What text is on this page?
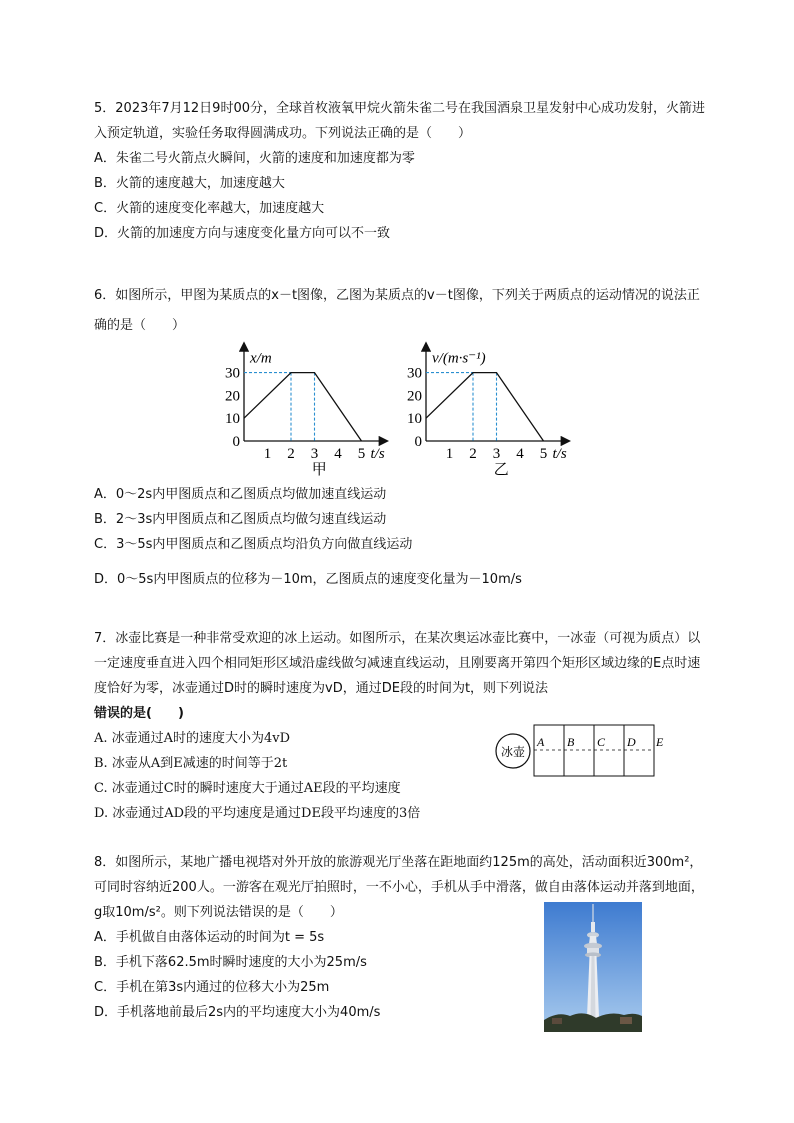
5．2023年7月12日9时00分，全球首枚液氧甲烷火箭朱雀二号在我国酒泉卫星发射中心成功发射，火箭进入预定轨道，实验任务取得圆满成功。下列说法正确的是（　　）

A．朱雀二号火箭点火瞬间，火箭的速度和加速度都为零
B．火箭的速度越大，加速度越大
C．火箭的速度变化率越大，加速度越大
D．火箭的加速度方向与速度变化量方向可以不一致

6．如图所示，甲图为某质点的x－t图像，乙图为某质点的v－t图像，下列关于两质点的运动情况的说法正确的是（　　）

0
10
20
30
1 2 3 4 5
x/m
t/s
甲
0
10
20
30
1 2 3 4 5
v/(m·s⁻¹)
t/s
乙
A．0～2s内甲图质点和乙图质点均做加速直线运动
B．2～3s内甲图质点和乙图质点均做匀速直线运动
C．3～5s内甲图质点和乙图质点均沿负方向做直线运动
D．0～5s内甲图质点的位移为－10m，乙图质点的速度变化量为－10m/s

7．冰壶比赛是一种非常受欢迎的冰上运动。如图所示，在某次奥运冰壶比赛中，一冰壶（可视为质点）以一定速度垂直进入四个相同矩形区域沿虚线做匀减速直线运动，且刚要离开第四个矩形区域边缘的E点时速度恰好为零，冰壶通过D时的瞬时速度为vD，通过DE段的时间为t，则下列说法

错误的是(　　)

A. 冰壶通过A时的速度大小为4vD
B. 冰壶从A到E减速的时间等于2t
C. 冰壶通过C时的瞬时速度大于通过AE段的平均速度
D. 冰壶通过AD段的平均速度是通过DE段平均速度的3倍
冰壶
A B C D E

8．如图所示，某地广播电视塔对外开放的旅游观光厅坐落在距地面约125m的高处，活动面积近300m²，可同时容纳近200人。一游客在观光厅拍照时，一不小心，手机从手中滑落，做自由落体运动并落到地面，g取10m/s²。则下列说法错误的是（　　）

A．手机做自由落体运动的时间为t = 5s
B．手机下落62.5m时瞬时速度的大小为25m/s
C．手机在第3s内通过的位移大小为25m
D．手机落地前最后2s内的平均速度大小为40m/s
